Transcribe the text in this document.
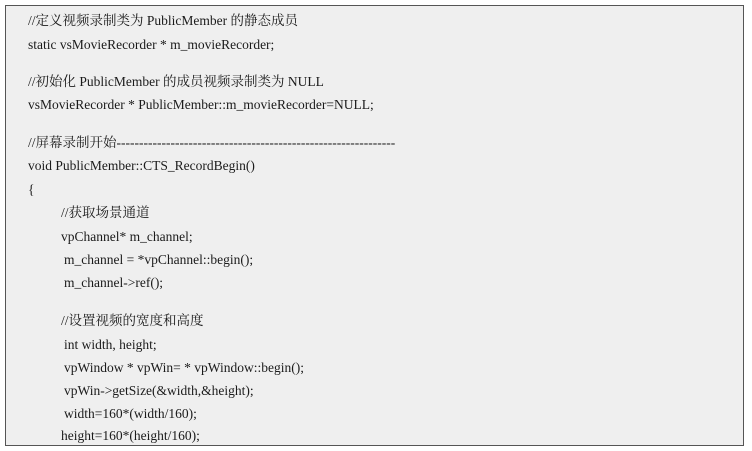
//定义视频录制类为 PublicMember 的静态成员
static vsMovieRecorder * m_movieRecorder;
//初始化 PublicMember 的成员视频录制类为 NULL
vsMovieRecorder * PublicMember::m_movieRecorder=NULL;
//屏幕录制开始--------------------------------------------------------------
void PublicMember::CTS_RecordBegin()
{
//获取场景通道
vpChannel* m_channel;
m_channel = *vpChannel::begin();
m_channel->ref();
//设置视频的宽度和高度
int width, height;
vpWindow * vpWin= * vpWindow::begin();
vpWin->getSize(&width,&height);
width=160*(width/160);
height=160*(height/160);
